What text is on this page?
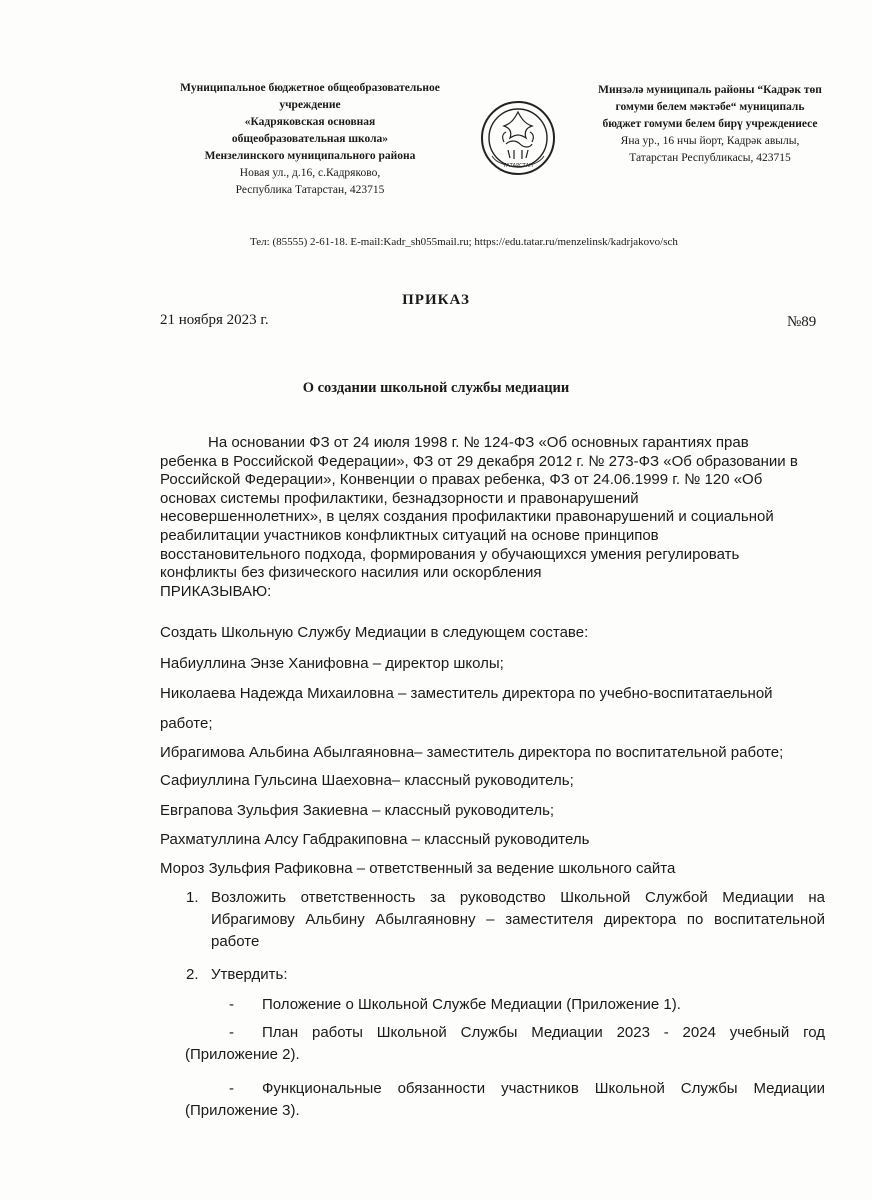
Муниципальное бюджетное общеобразовательное
учреждение
«Кадряковская основная
общеобразовательная школа»
Мензелинского муниципального района
Новая ул., д.16, с.Кадряково,
Республика Татарстан, 423715
ТАТАРСТАН
Минзәлә муниципаль районы “Кадрәк төп
гомуми белем мәктәбе“ муниципаль
бюджет гомуми белем бирү учреждениесе
Яна ур., 16 нчы йорт, Кадрәк авылы,
Татарстан Республикасы, 423715
Тел: (85555) 2-61-18. E-mail:Kadr_sh055mail.ru; https://edu.tatar.ru/menzelinsk/kadrjakovo/sch
ПРИКАЗ
21 ноября 2023 г.	№89
О создании школьной службы медиации
На основании ФЗ от 24 июля 1998 г. № 124-ФЗ «Об основных гарантиях прав
ребенка в Российской Федерации», ФЗ от 29 декабря 2012 г. № 273-ФЗ «Об образовании в
Российской Федерации», Конвенции о правах ребенка, ФЗ от 24.06.1999 г. № 120 «Об
основах системы профилактики, безнадзорности и правонарушений
несовершеннолетних», в целях создания профилактики правонарушений и социальной
реабилитации участников конфликтных ситуаций на основе принципов
восстановительного подхода, формирования у обучающихся умения регулировать
конфликты без физического насилия или оскорбления
ПРИКАЗЫВАЮ:
Создать Школьную Службу Медиации в следующем составе:
Набиуллина Энзе Ханифовна – директор школы;
Николаева Надежда Михаиловна – заместитель директора по учебно-воспитатаельной
работе;
Ибрагимова Альбина Абылгаяновна– заместитель директора по воспитательной работе;
Сафиуллина Гульсина Шаеховна– классный руководитель;
Евграпова Зульфия Закиевна – классный руководитель;
Рахматуллина Алсу Габдракиповна – классный руководитель
Мороз Зульфия Рафиковна – ответственный за ведение школьного сайта
1. Возложить ответственность за руководство Школьной Службой Медиации на Ибрагимову Альбину Абылгаяновну – заместителя директора по воспитательной работе
2. Утвердить:
- Положение о Школьной Службе Медиации (Приложение 1).
-	План работы Школьной Службы Медиации 2023 - 2024 учебный год (Приложение 2).
-	Функциональные обязанности участников Школьной Службы Медиации (Приложение 3).
